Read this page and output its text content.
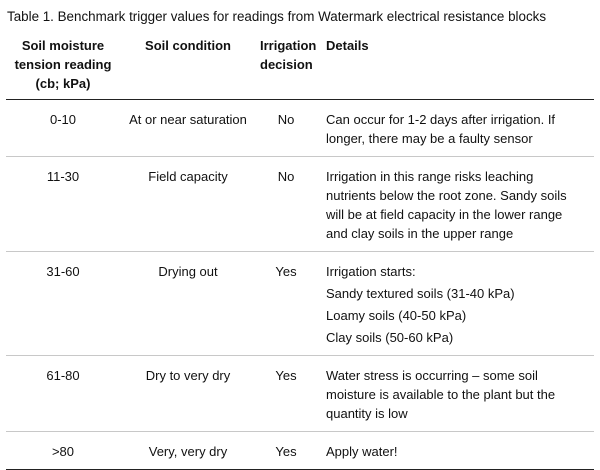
Table 1. Benchmark trigger values for readings from Watermark electrical resistance blocks
Soil moisture
tension reading
(cb; kPa)	Soil condition	Irrigation
decision	Details
0-10	At or near saturation	No	Can occur for 1-2 days after irrigation. If
longer, there may be a faulty sensor

11-30	Field capacity	No	Irrigation in this range risks leaching
nutrients below the root zone. Sandy soils
will be at field capacity in the lower range
and clay soils in the upper range

31-60	Drying out	Yes	Irrigation starts:
Sandy textured soils (31-40 kPa)
Loamy soils (40-50 kPa)
Clay soils (50-60 kPa)

61-80	Dry to very dry	Yes	Water stress is occurring – some soil
moisture is available to the plant but the
quantity is low

>80	Very, very dry	Yes	Apply water!
